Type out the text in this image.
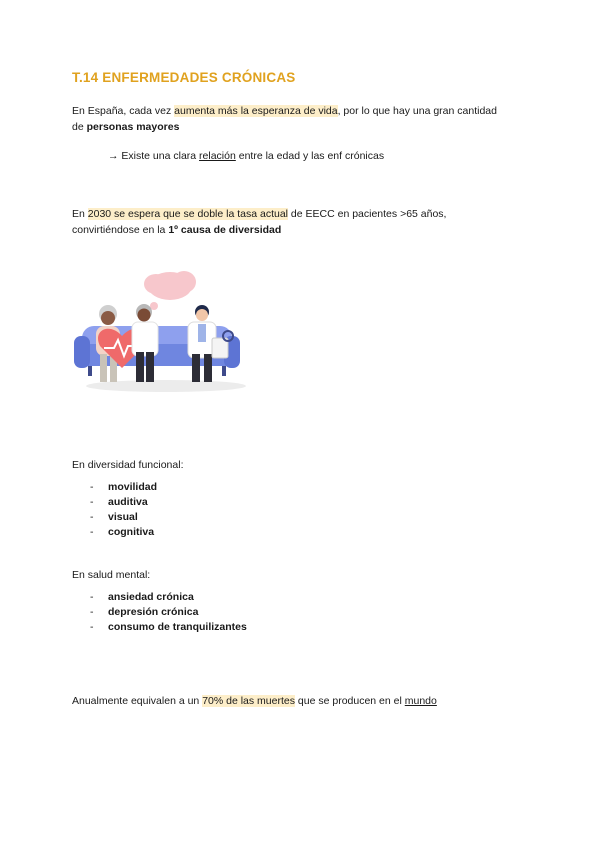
T.14 ENFERMEDADES CRÓNICAS
En España, cada vez aumenta más la esperanza de vida, por lo que hay una gran cantidad
de personas mayores
→ Existe una clara relación entre la edad y las enf crónicas
En 2030 se espera que se doble la tasa actual de EECC en pacientes >65 años,
convirtiéndose en la 1º causa de diversidad
En diversidad funcional:
- movilidad
- auditiva
- visual
- cognitiva
En salud mental:
- ansiedad crónica
- depresión crónica
- consumo de tranquilizantes
Anualmente equivalen a un 70% de las muertes que se producen en el mundo
